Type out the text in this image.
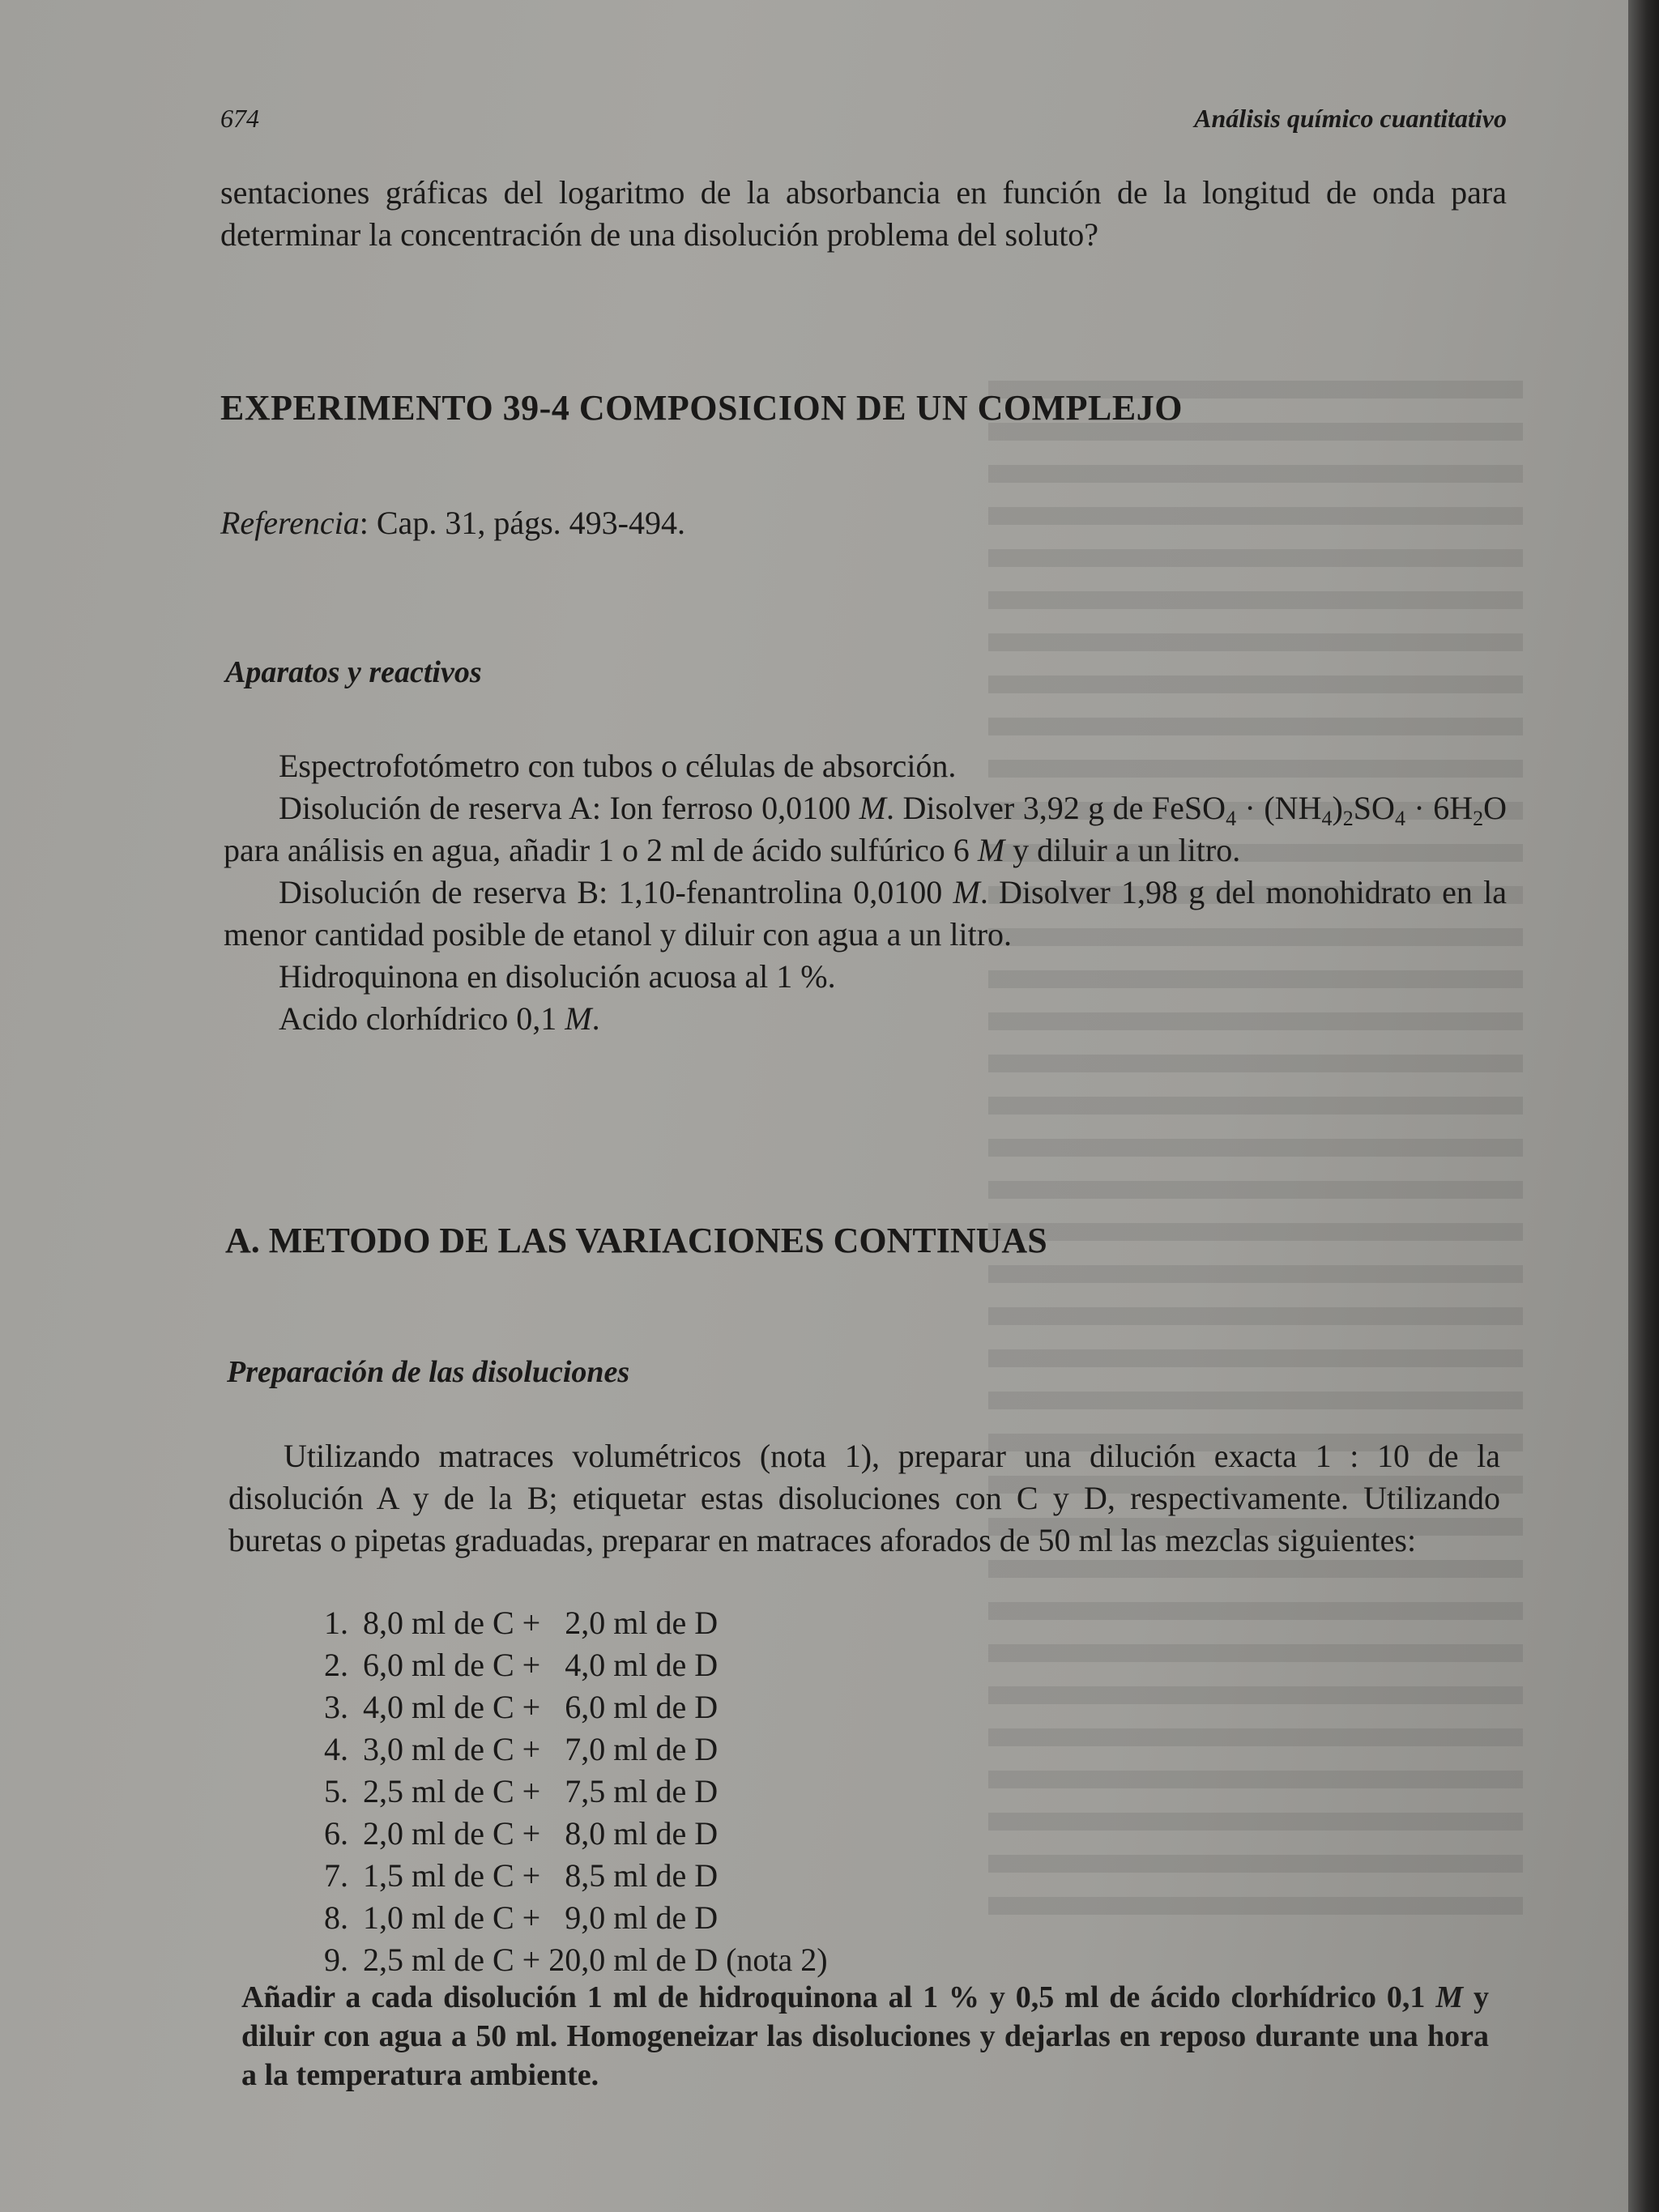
674	Análisis químico cuantitativo

sentaciones gráficas del logaritmo de la absorbancia en función de la longitud de onda para determinar la concentración de una disolución problema del soluto?

EXPERIMENTO 39-4 COMPOSICION DE UN COMPLEJO
Referencia: Cap. 31, págs. 493-494.
Aparatos y reactivos

Espectrofotómetro con tubos o células de absorción.

Disolución de reserva A: Ion ferroso 0,0100 M. Disolver 3,92 g de FeSO$_4$ · $(NH_4)_2SO_4 \cdot 6H_2O$ para análisis en agua, añadir 1 o 2 ml de ácido sulfúrico 6 M y diluir a un litro.

Disolución de reserva B: 1,10-fenantrolina 0,0100 M. Disolver 1,98 g del monohidrato en la menor cantidad posible de etanol y diluir con agua a un litro.

Hidroquinona en disolución acuosa al 1 %.

Acido clorhídrico 0,1 M.

A. METODO DE LAS VARIACIONES CONTINUAS
Preparación de las disoluciones

Utilizando matraces volumétricos (nota 1), preparar una dilución exacta 1 : 10 de la disolución A y de la B; etiquetar estas disoluciones con C y D, respectivamente. Utilizando buretas o pipetas graduadas, preparar en matraces aforados de 50 ml las mezclas siguientes:

1. 8,0 ml de C +   2,0 ml de D
2. 6,0 ml de C +   4,0 ml de D
3. 4,0 ml de C +   6,0 ml de D
4. 3,0 ml de C +   7,0 ml de D
5. 2,5 ml de C +   7,5 ml de D
6. 2,0 ml de C +   8,0 ml de D
7. 1,5 ml de C +   8,5 ml de D
8. 1,0 ml de C +   9,0 ml de D
9. 2,5 ml de C + 20,0 ml de D (nota 2)

Añadir a cada disolución 1 ml de hidroquinona al 1 % y 0,5 ml de ácido clorhídrico 0,1 M y diluir con agua a 50 ml. Homogeneizar las disoluciones y dejarlas en reposo durante una hora a la temperatura ambiente.
